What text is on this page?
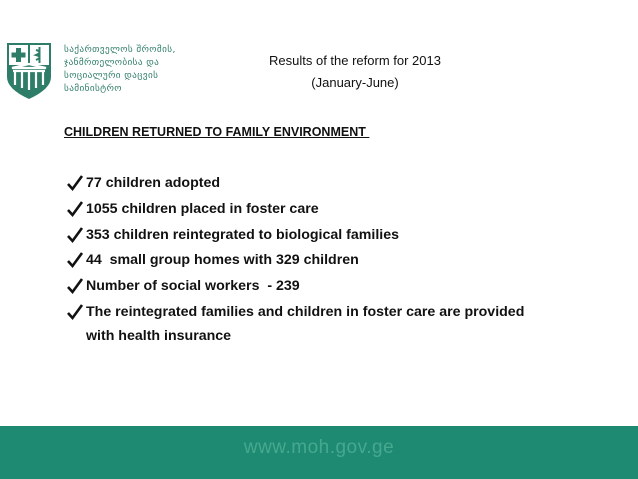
საქართველოს შრომის,
ჯანმრთელობისა და
სოციალური დაცვის
სამინისტრო
Results of the reform for 2013
(January-June)
CHILDREN RETURNED TO FAMILY ENVIRONMENT
77 children adopted
1055 children placed in foster care
353 children reintegrated to biological families
44  small group homes with 329 children
Number of social workers  - 239
The reintegrated families and children in foster care are provided with health insurance
www.moh.gov.ge
